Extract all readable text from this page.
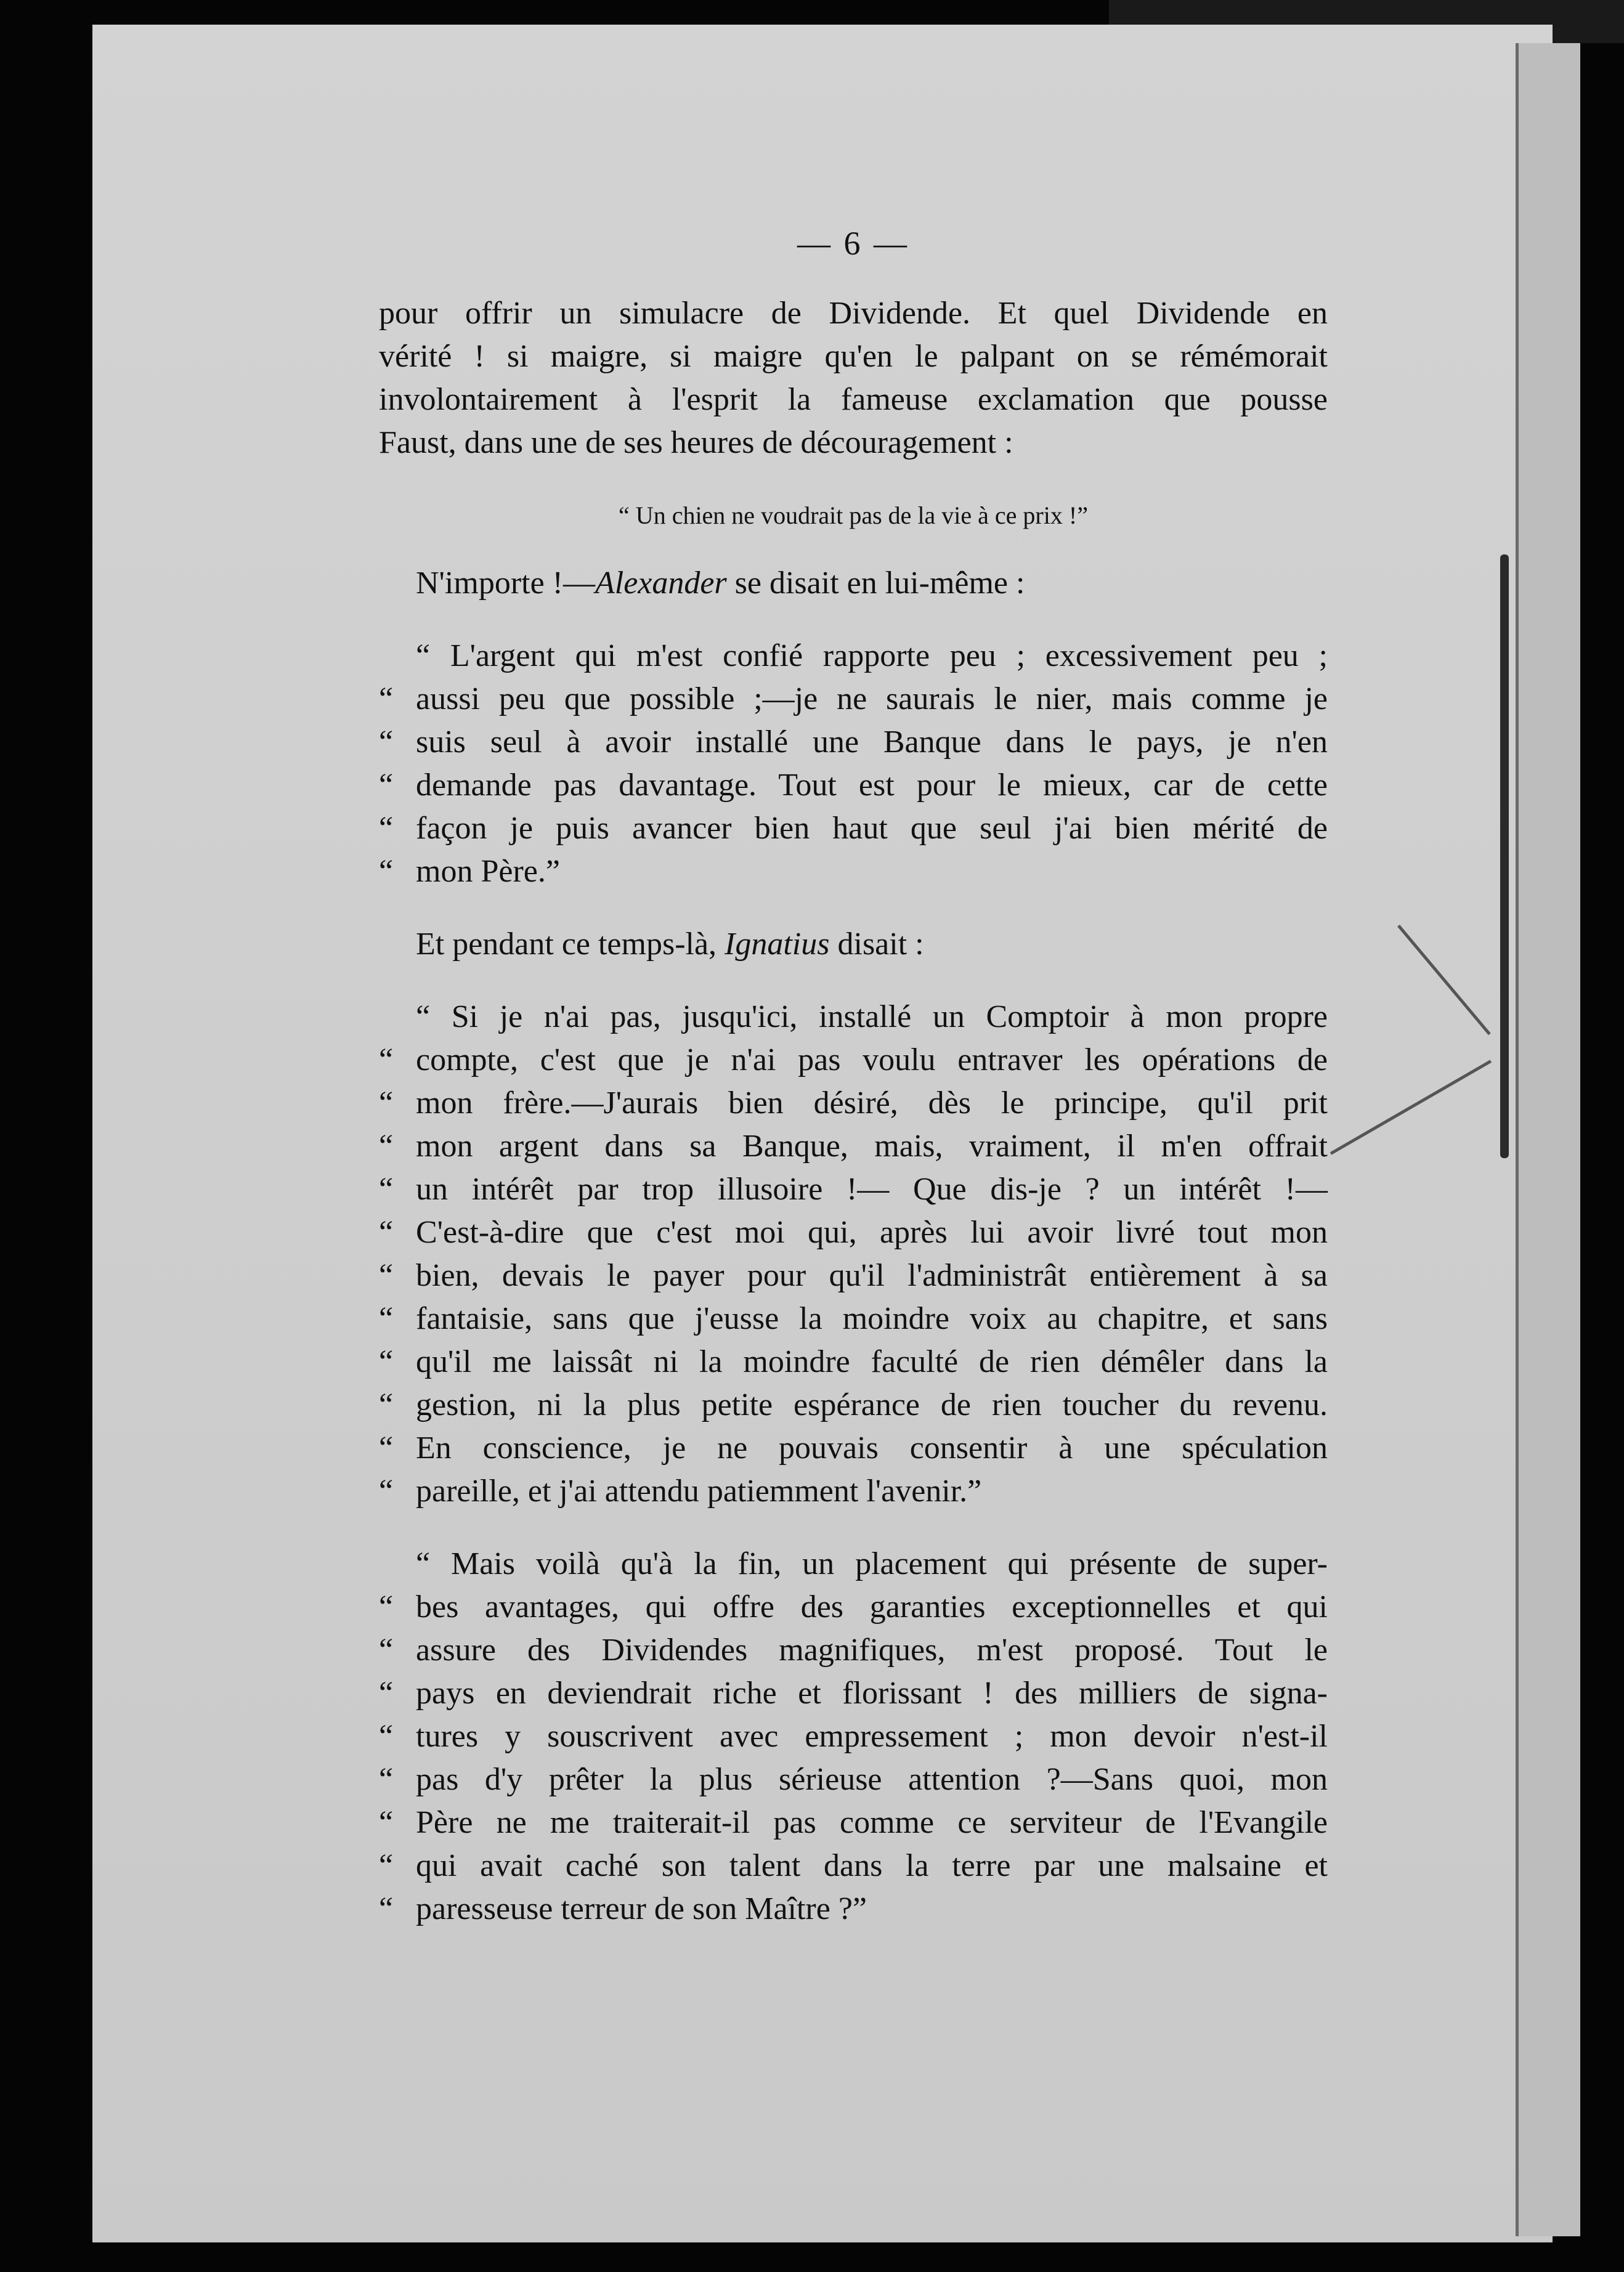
— 6 —
pour offrir un simulacre de Dividende. Et quel Dividende en
vérité ! si maigre, si maigre qu'en le palpant on se rémémorait
involontairement à l'esprit la fameuse exclamation que pousse
Faust, dans une de ses heures de découragement :
“ Un chien ne voudrait pas de la vie à ce prix !”
N'importe !—Alexander se disait en lui-même :
“ L'argent qui m'est confié rapporte peu ; excessivement peu ;
“ aussi peu que possible ;—je ne saurais le nier, mais comme je
“ suis seul à avoir installé une Banque dans le pays, je n'en
“ demande pas davantage. Tout est pour le mieux, car de cette
“ façon je puis avancer bien haut que seul j'ai bien mérité de
“ mon Père.”
Et pendant ce temps-là, Ignatius disait :
“ Si je n'ai pas, jusqu'ici, installé un Comptoir à mon propre
“ compte, c'est que je n'ai pas voulu entraver les opérations de
“ mon frère.—J'aurais bien désiré, dès le principe, qu'il prit
“ mon argent dans sa Banque, mais, vraiment, il m'en offrait
“ un intérêt par trop illusoire !— Que dis-je ? un intérêt !—
“ C'est-à-dire que c'est moi qui, après lui avoir livré tout mon
“ bien, devais le payer pour qu'il l'administrât entièrement à sa
“ fantaisie, sans que j'eusse la moindre voix au chapitre, et sans
“ qu'il me laissât ni la moindre faculté de rien démêler dans la
“ gestion, ni la plus petite espérance de rien toucher du revenu.
“ En conscience, je ne pouvais consentir à une spéculation
“ pareille, et j'ai attendu patiemment l'avenir.”
“ Mais voilà qu'à la fin, un placement qui présente de super-
“ bes avantages, qui offre des garanties exceptionnelles et qui
“ assure des Dividendes magnifiques, m'est proposé. Tout le
“ pays en deviendrait riche et florissant ! des milliers de signa-
“ tures y souscrivent avec empressement ; mon devoir n'est-il
“ pas d'y prêter la plus sérieuse attention ?—Sans quoi, mon
“ Père ne me traiterait-il pas comme ce serviteur de l'Evangile
“ qui avait caché son talent dans la terre par une malsaine et
“ paresseuse terreur de son Maître ?”
